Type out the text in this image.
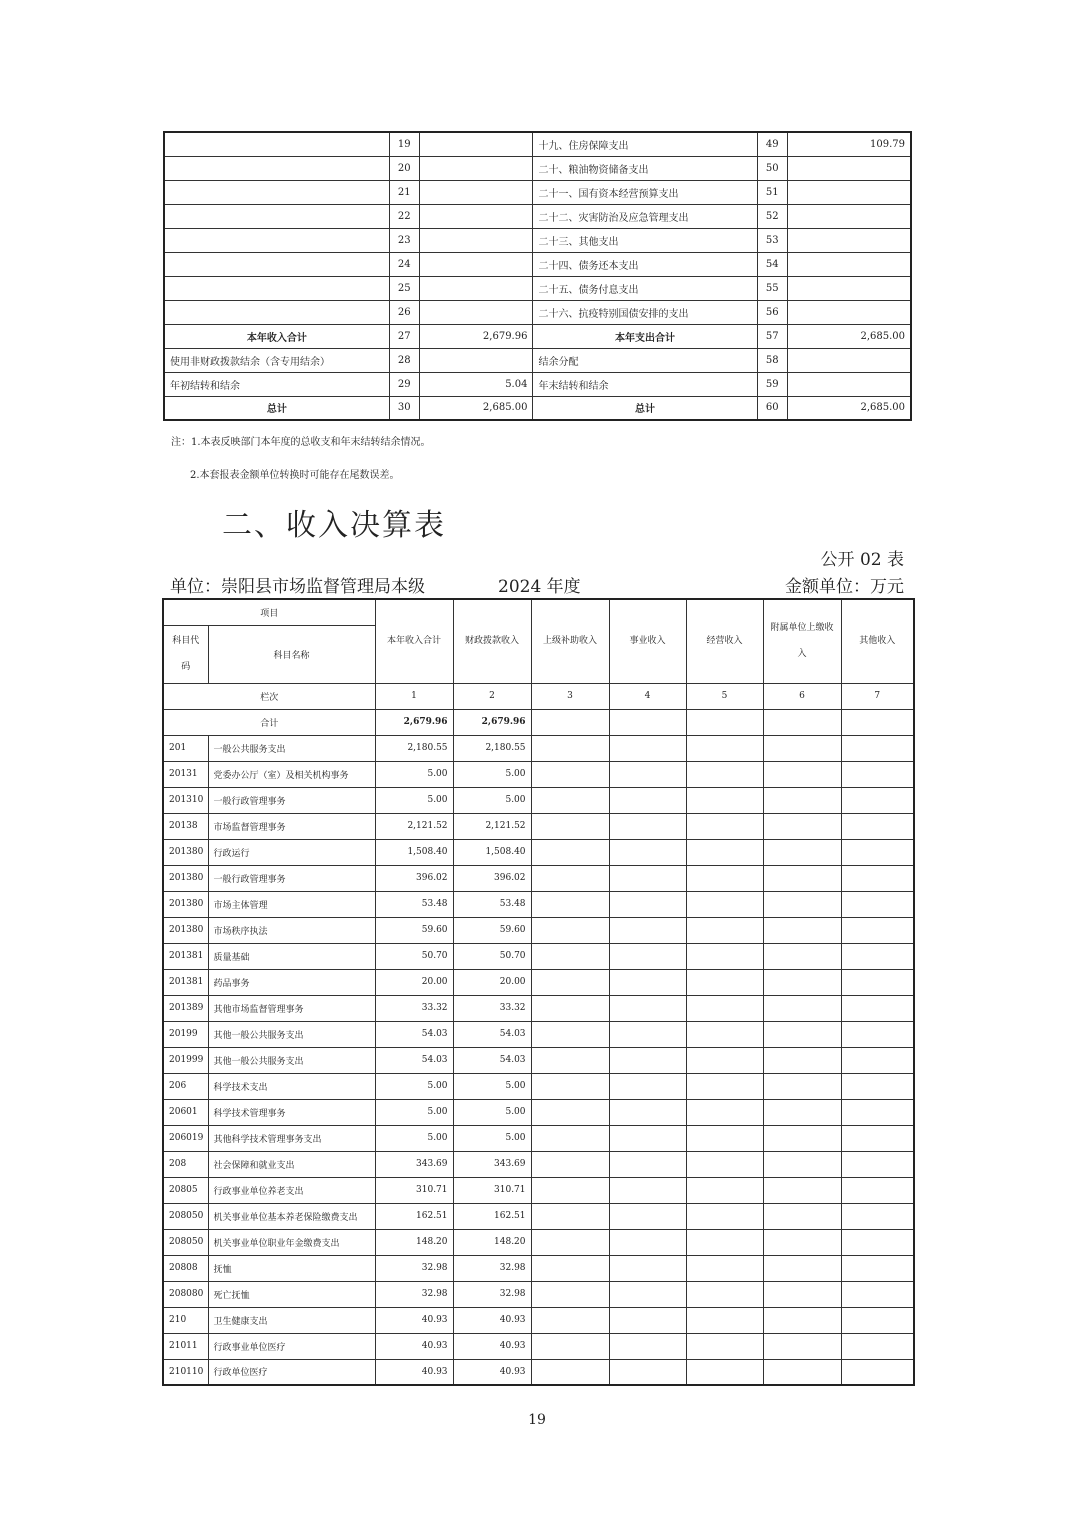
	19		十九、住房保障支出	49	109.79
	20		二十、粮油物资储备支出	50	
	21		二十一、国有资本经营预算支出	51	
	22		二十二、灾害防治及应急管理支出	52	
	23		二十三、其他支出	53	
	24		二十四、债务还本支出	54	
	25		二十五、债务付息支出	55	
	26		二十六、抗疫特别国债安排的支出	56	
本年收入合计	27	2,679.96	本年支出合计	57	2,685.00
使用非财政拨款结余（含专用结余）	28		结余分配	58	
年初结转和结余	29	5.04	年末结转和结余	59	
总计	30	2,685.00	总计	60	2,685.00
注：1.本表反映部门本年度的总收支和年末结转结余情况。
2.本套报表金额单位转换时可能存在尾数误差。
二、收入决算表
公开 02 表
单位：崇阳县市场监督管理局本级	2024 年度	金额单位：万元
项目		本年收入合计	财政拨款收入	上级补助收入	事业收入	经营收入	附属单位上缴收入	其他收入
科目代码	科目名称							
栏次		1	2	3	4	5	6	7
合计		2,679.96	2,679.96					
201	一般公共服务支出	2,180.55	2,180.55					
20131	党委办公厅（室）及相关机构事务	5.00	5.00					
201310	一般行政管理事务	5.00	5.00					
20138	市场监督管理事务	2,121.52	2,121.52					
201380	行政运行	1,508.40	1,508.40					
201380	一般行政管理事务	396.02	396.02					
201380	市场主体管理	53.48	53.48					
201380	市场秩序执法	59.60	59.60					
201381	质量基础	50.70	50.70					
201381	药品事务	20.00	20.00					
201389	其他市场监督管理事务	33.32	33.32					
20199	其他一般公共服务支出	54.03	54.03					
201999	其他一般公共服务支出	54.03	54.03					
206	科学技术支出	5.00	5.00					
20601	科学技术管理事务	5.00	5.00					
206019	其他科学技术管理事务支出	5.00	5.00					
208	社会保障和就业支出	343.69	343.69					
20805	行政事业单位养老支出	310.71	310.71					
208050	机关事业单位基本养老保险缴费支出	162.51	162.51					
208050	机关事业单位职业年金缴费支出	148.20	148.20					
20808	抚恤	32.98	32.98					
208080	死亡抚恤	32.98	32.98					
210	卫生健康支出	40.93	40.93					
21011	行政事业单位医疗	40.93	40.93					
210110	行政单位医疗	40.93	40.93					
19
